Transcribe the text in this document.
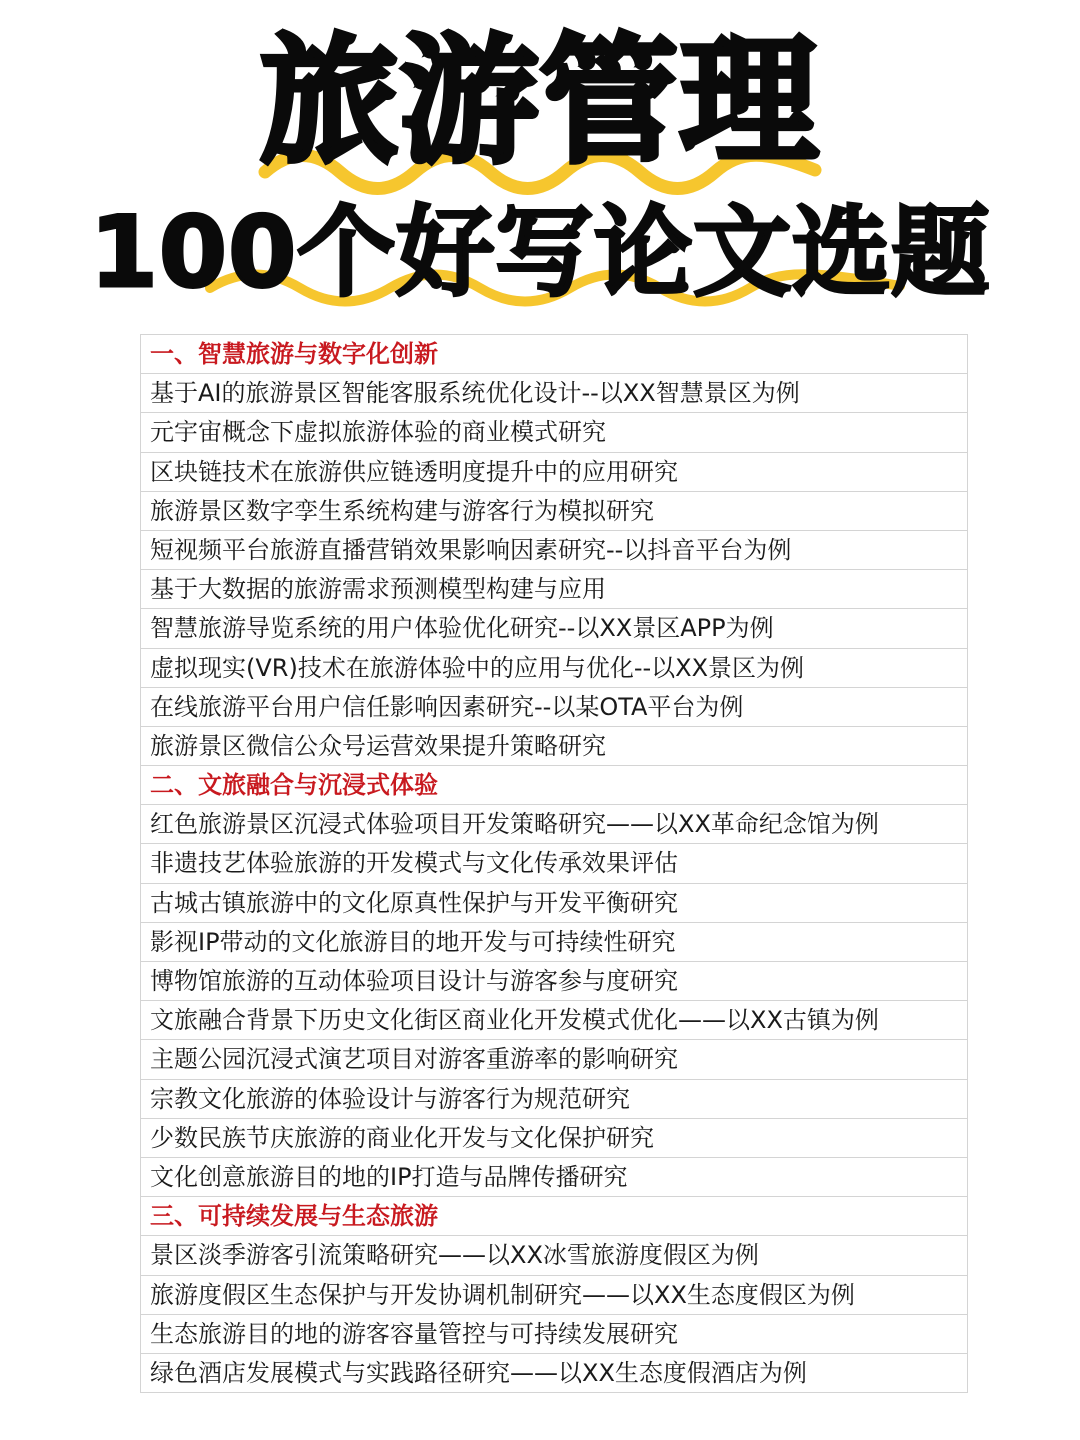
旅游管理
100个好写论文选题
一、智慧旅游与数字化创新
基于AI的旅游景区智能客服系统优化设计--以XX智慧景区为例
元宇宙概念下虚拟旅游体验的商业模式研究
区块链技术在旅游供应链透明度提升中的应用研究
旅游景区数字孪生系统构建与游客行为模拟研究
短视频平台旅游直播营销效果影响因素研究--以抖音平台为例
基于大数据的旅游需求预测模型构建与应用
智慧旅游导览系统的用户体验优化研究--以XX景区APP为例
虚拟现实(VR)技术在旅游体验中的应用与优化--以XX景区为例
在线旅游平台用户信任影响因素研究--以某OTA平台为例
旅游景区微信公众号运营效果提升策略研究
二、文旅融合与沉浸式体验
红色旅游景区沉浸式体验项目开发策略研究——以XX革命纪念馆为例
非遗技艺体验旅游的开发模式与文化传承效果评估
古城古镇旅游中的文化原真性保护与开发平衡研究
影视IP带动的文化旅游目的地开发与可持续性研究
博物馆旅游的互动体验项目设计与游客参与度研究
文旅融合背景下历史文化街区商业化开发模式优化——以XX古镇为例
主题公园沉浸式演艺项目对游客重游率的影响研究
宗教文化旅游的体验设计与游客行为规范研究
少数民族节庆旅游的商业化开发与文化保护研究
文化创意旅游目的地的IP打造与品牌传播研究
三、可持续发展与生态旅游
景区淡季游客引流策略研究——以XX冰雪旅游度假区为例
旅游度假区生态保护与开发协调机制研究——以XX生态度假区为例
生态旅游目的地的游客容量管控与可持续发展研究
绿色酒店发展模式与实践路径研究——以XX生态度假酒店为例
